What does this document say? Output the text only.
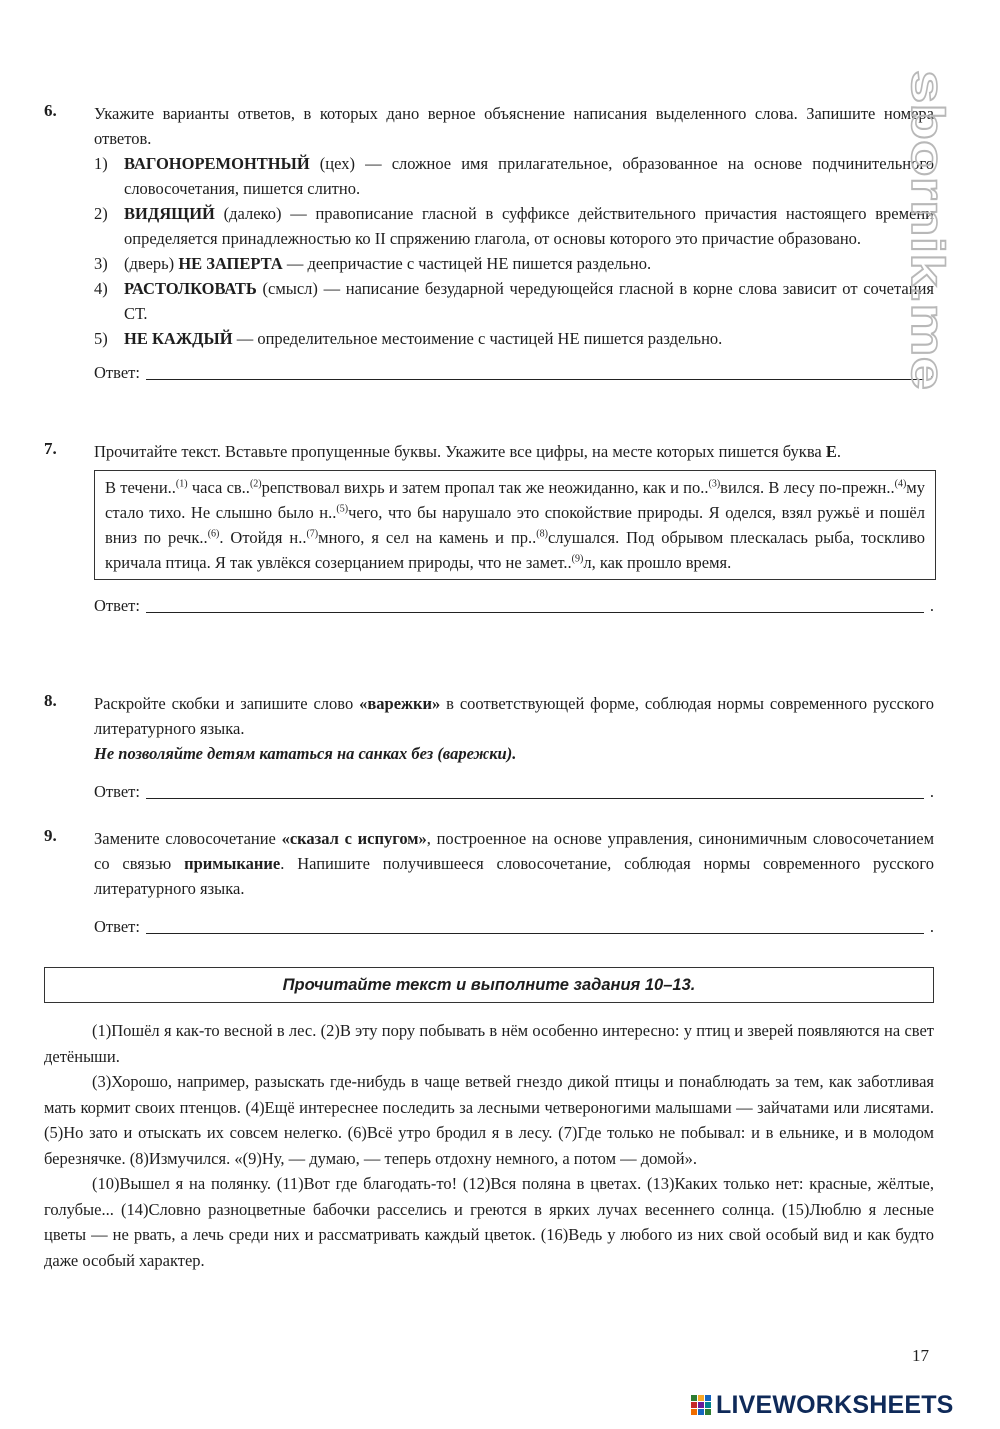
6. Укажите варианты ответов, в которых дано верное объяснение написания выделенного слова. Запишите номера ответов.
1) ВАГОНОРЕМОНТНЫЙ (цех) — сложное имя прилагательное, образованное на основе подчинительного словосочетания, пишется слитно.
2) ВИДЯЩИЙ (далеко) — правописание гласной в суффиксе действительного причастия настоящего времени определяется принадлежностью ко II спряжению глагола, от основы которого это причастие образовано.
3) (дверь) НЕ ЗАПЕРТА — деепричастие с частицей НЕ пишется раздельно.
4) РАСТОЛКОВАТЬ (смысл) — написание безударной чередующейся гласной в корне слова зависит от сочетания СТ.
5) НЕ КАЖДЫЙ — определительное местоимение с частицей НЕ пишется раздельно.
Ответ:	.
7. Прочитайте текст. Вставьте пропущенные буквы. Укажите все цифры, на месте которых пишется буква Е.
В течени..$^{(1)}$ часа св..$^{(2)}$репствовал вихрь и затем пропал так же неожиданно, как и по..$^{(3)}$вился. В лесу по-прежн..$^{(4)}$му стало тихо. Не слышно было н..$^{(5)}$чего, что бы нарушало это спокойствие природы. Я оделся, взял ружьё и пошёл вниз по речк..$^{(6)}$. Отойдя н..$^{(7)}$много, я сел на камень и пр..$^{(8)}$слушался. Под обрывом плескалась рыба, тоскливо кричала птица. Я так увлёкся созерцанием природы, что не замет..$^{(9)}$л, как прошло время.
Ответ:	.
8. Раскройте скобки и запишите слово «варежки» в соответствующей форме, соблюдая нормы современного русского литературного языка.
Не позволяйте детям кататься на санках без (варежки).
Ответ:	.
9. Замените словосочетание «сказал с испугом», построенное на основе управления, синонимичным словосочетанием со связью примыкание. Напишите получившееся словосочетание, соблюдая нормы современного русского литературного языка.
Ответ:	.
Прочитайте текст и выполните задания 10–13.

(1)Пошёл я как-то весной в лес. (2)В эту пору побывать в нём особенно интересно: у птиц и зверей появляются на свет детёныши.

(3)Хорошо, например, разыскать где-нибудь в чаще ветвей гнездо дикой птицы и понаблюдать за тем, как заботливая мать кормит своих птенцов. (4)Ещё интереснее последить за лесными четвероногими малышами — зайчатами или лисятами. (5)Но зато и отыскать их совсем нелегко. (6)Всё утро бродил я в лесу. (7)Где только не побывал: и в ельнике, и в молодом березнячке. (8)Измучился. «(9)Ну, — думаю, — теперь отдохну немного, а потом — домой».

(10)Вышел я на полянку. (11)Вот где благодать-то! (12)Вся поляна в цветах. (13)Каких только нет: красные, жёлтые, голубые... (14)Словно разноцветные бабочки расселись и греются в ярких лучах весеннего солнца. (15)Люблю я лесные цветы — не рвать, а лечь среди них и рассматривать каждый цветок. (16)Ведь у любого из них свой особый вид и как будто даже особый характер.

17
sbornik.me
LIVEWORKSHEETS
